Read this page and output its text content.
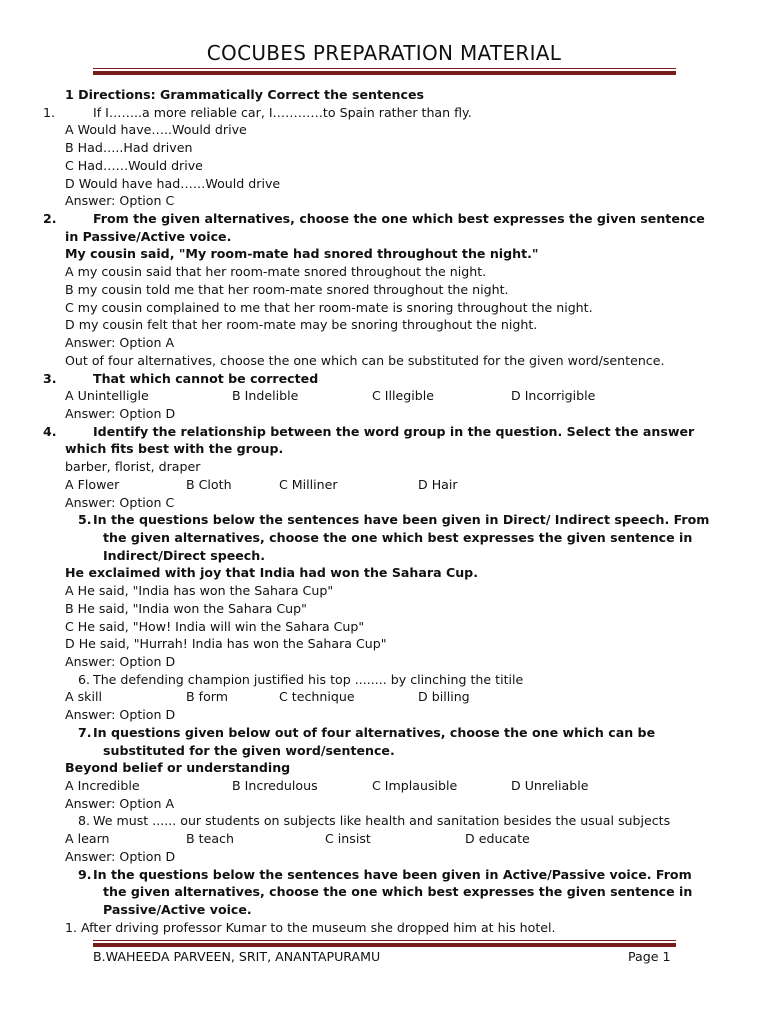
COCUBES PREPARATION MATERIAL
1 Directions: Grammatically Correct the sentences
1.	If I……..a more reliable car, I…………to Spain rather than fly.
A Would have…..Would drive
B Had…..Had driven
C Had……Would drive
D Would have had……Would drive
Answer: Option C
2.	From the given alternatives, choose the one which best expresses the given sentence
in Passive/Active voice.
My cousin said, "My room-mate had snored throughout the night."
A my cousin said that her room-mate snored throughout the night.
B my cousin told me that her room-mate snored throughout the night.
C my cousin complained to me that her room-mate is snoring throughout the night.
D my cousin felt that her room-mate may be snoring throughout the night.
Answer: Option A
Out of four alternatives, choose the one which can be substituted for the given word/sentence.
3.	That which cannot be corrected
A Unintelligle	B Indelible	C Illegible	D Incorrigible
Answer: Option D
4.	Identify the relationship between the word group in the question. Select the answer
which fits best with the group.
barber, florist, draper
A Flower	B Cloth	C Milliner	D Hair
Answer: Option C
5. In the questions below the sentences have been given in Direct/ Indirect speech. From
the given alternatives, choose the one which best expresses the given sentence in
Indirect/Direct speech.
He exclaimed with joy that India had won the Sahara Cup.
A He said, "India has won the Sahara Cup"
B He said, "India won the Sahara Cup"
C He said, "How! India will win the Sahara Cup"
D He said, "Hurrah! India has won the Sahara Cup"
Answer: Option D
6. The defending champion justified his top ........ by clinching the titile
A skill	B form	C technique	D billing
Answer: Option D
7. In questions given below out of four alternatives, choose the one which can be
substituted for the given word/sentence.
Beyond belief or understanding
A Incredible	B Incredulous	C Implausible	D Unreliable
Answer: Option A
8. We must ...... our students on subjects like health and sanitation besides the usual subjects
A learn	B teach	C insist	D educate
Answer: Option D
9. In the questions below the sentences have been given in Active/Passive voice. From
the given alternatives, choose the one which best expresses the given sentence in
Passive/Active voice.
1. After driving professor Kumar to the museum she dropped him at his hotel.
B.WAHEEDA PARVEEN, SRIT, ANANTAPURAMU	Page 1
